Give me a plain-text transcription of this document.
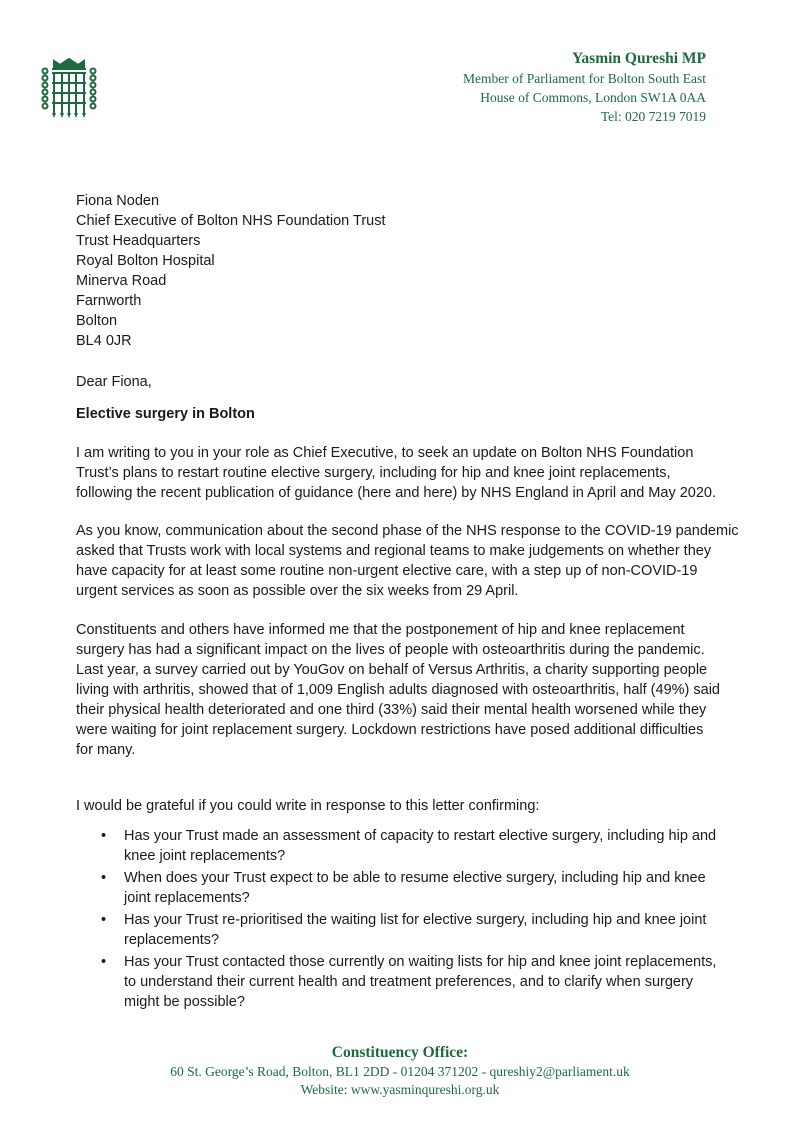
Yasmin Qureshi MP
Member of Parliament for Bolton South East
House of Commons, London SW1A 0AA
Tel: 020 7219 7019
Fiona Noden
Chief Executive of Bolton NHS Foundation Trust
Trust Headquarters
Royal Bolton Hospital
Minerva Road
Farnworth
Bolton
BL4 0JR
Dear Fiona,
Elective surgery in Bolton
I am writing to you in your role as Chief Executive, to seek an update on Bolton NHS Foundation
Trust’s plans to restart routine elective surgery, including for hip and knee joint replacements,
following the recent publication of guidance (here and here) by NHS England in April and May 2020.
As you know, communication about the second phase of the NHS response to the COVID-19 pandemic
asked that Trusts work with local systems and regional teams to make judgements on whether they
have capacity for at least some routine non-urgent elective care, with a step up of non-COVID-19
urgent services as soon as possible over the six weeks from 29 April.
Constituents and others have informed me that the postponement of hip and knee replacement
surgery has had a significant impact on the lives of people with osteoarthritis during the pandemic.
Last year, a survey carried out by YouGov on behalf of Versus Arthritis, a charity supporting people
living with arthritis, showed that of 1,009 English adults diagnosed with osteoarthritis, half (49%) said
their physical health deteriorated and one third (33%) said their mental health worsened while they
were waiting for joint replacement surgery. Lockdown restrictions have posed additional difficulties
for many.
I would be grateful if you could write in response to this letter confirming:
• Has your Trust made an assessment of capacity to restart elective surgery, including hip and
knee joint replacements?
• When does your Trust expect to be able to resume elective surgery, including hip and knee
joint replacements?
• Has your Trust re-prioritised the waiting list for elective surgery, including hip and knee joint
replacements?
• Has your Trust contacted those currently on waiting lists for hip and knee joint replacements,
to understand their current health and treatment preferences, and to clarify when surgery
might be possible?
Constituency Office:
60 St. George’s Road, Bolton, BL1 2DD - 01204 371202 - qureshiy2@parliament.uk
Website: www.yasminqureshi.org.uk
